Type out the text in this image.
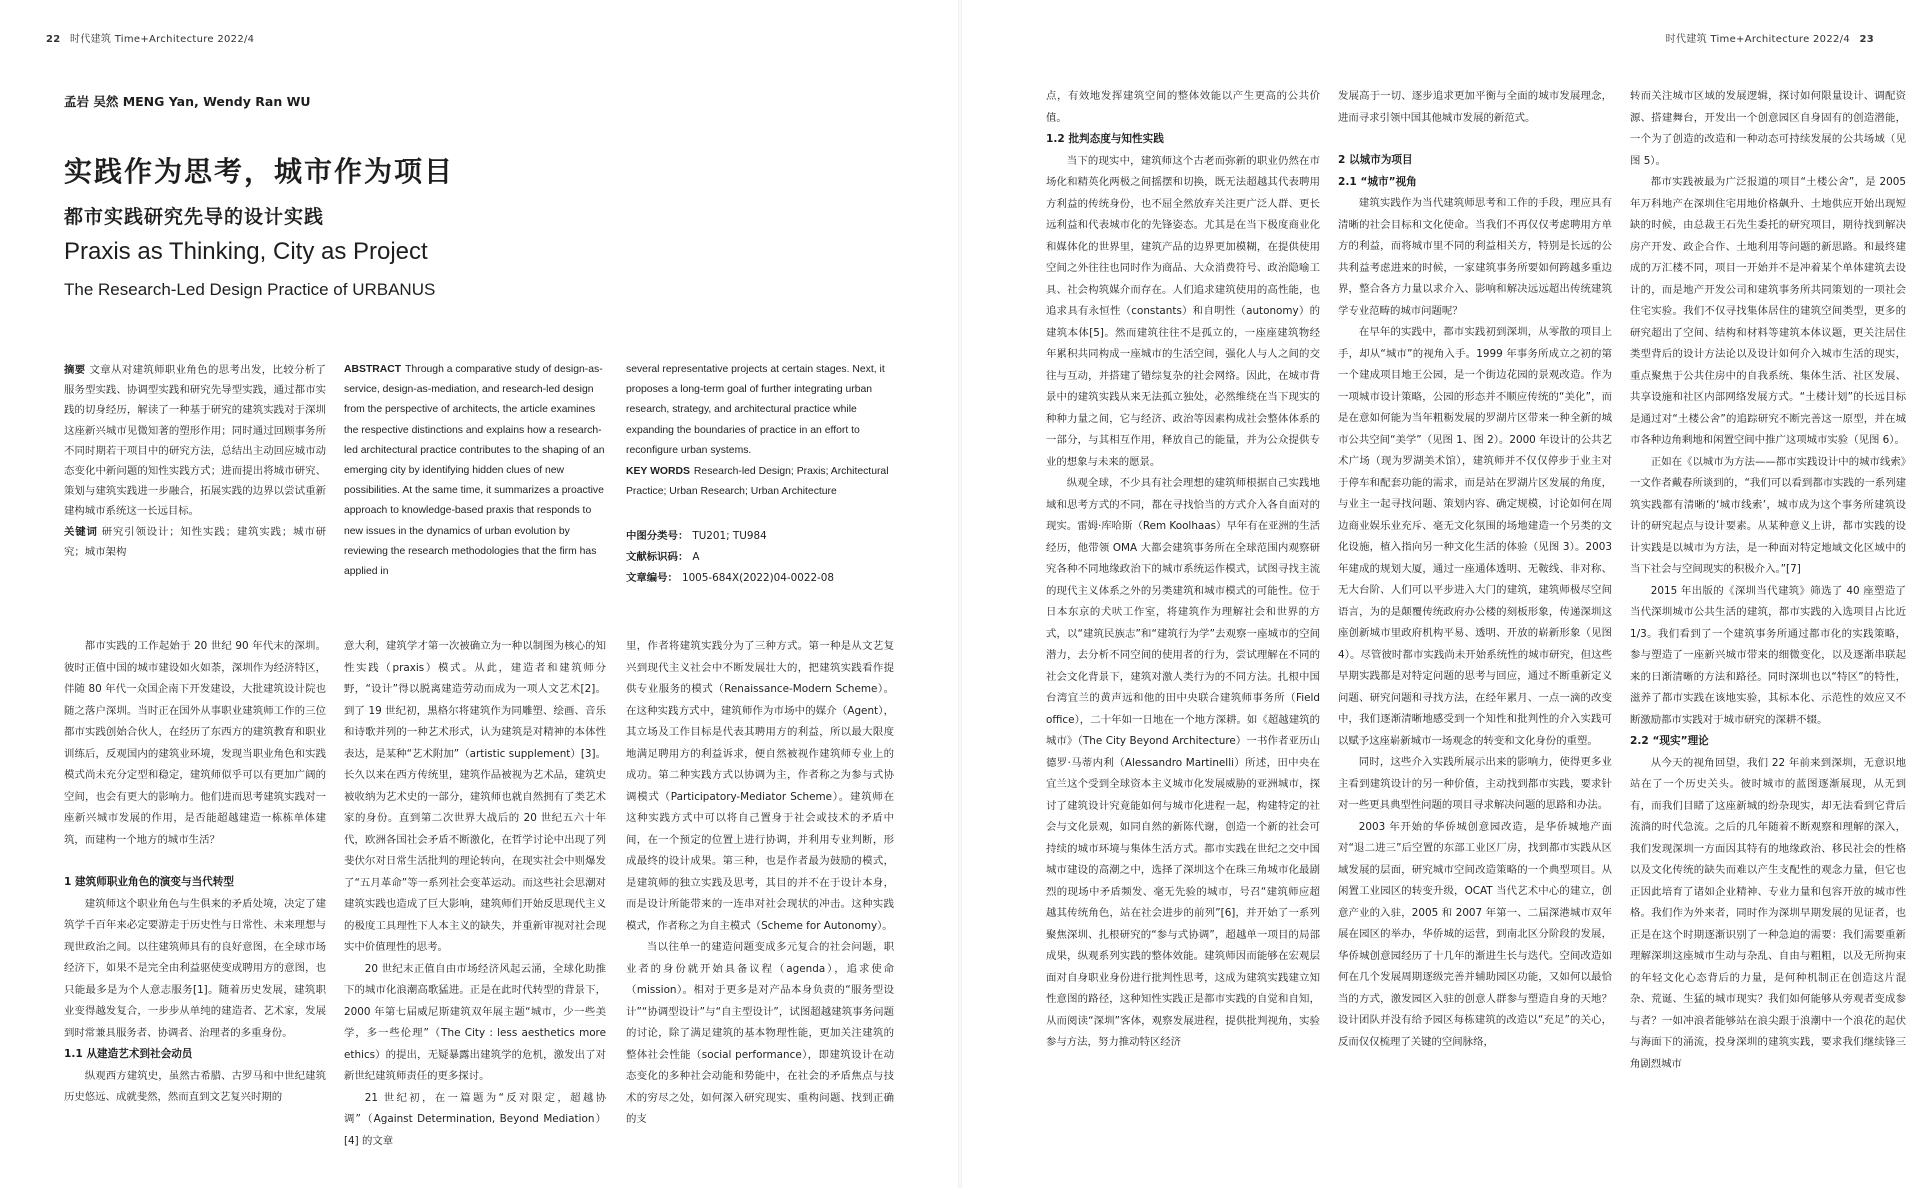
22 时代建筑 Time+Architecture 2022/4
孟岩 吴然 MENG Yan, Wendy Ran WU
实践作为思考，城市作为项目
都市实践研究先导的设计实践
Praxis as Thinking, City as Project
The Research-Led Design Practice of URBANUS

摘要 文章从对建筑师职业角色的思考出发，比较分析了服务型实践、协调型实践和研究先导型实践，通过都市实践的切身经历，解读了一种基于研究的建筑实践对于深圳这座新兴城市见微知著的塑形作用；同时通过回顾事务所不同时期若干项目中的研究方法，总结出主动回应城市动态变化中新问题的知性实践方式；进而提出将城市研究、策划与建筑实践进一步融合，拓展实践的边界以尝试重新建构城市系统这一长远目标。

关键词 研究引领设计；知性实践；建筑实践；城市研究；城市架构

ABSTRACT Through a comparative study of design-as-service, design-as-mediation, and research-led design from the perspective of architects, the article examines the respective distinctions and explains how a research-led architectural practice contributes to the shaping of an emerging city by identifying hidden clues of new possibilities. At the same time, it summarizes a proactive approach to knowledge-based praxis that responds to new issues in the dynamics of urban evolution by reviewing the research methodologies that the firm has applied in
several representative projects at certain stages. Next, it proposes a long-term goal of further integrating urban research, strategy, and architectural practice while expanding the boundaries of practice in an effort to reconfigure urban systems.
KEY WORDS Research-led Design; Praxis; Architectural Practice; Urban Research; Urban Architecture
中图分类号： TU201; TU984
文献标识码： A
文章编号： 1005-684X(2022)04-0022-08

都市实践的工作起始于 20 世纪 90 年代末的深圳。彼时正值中国的城市建设如火如荼，深圳作为经济特区，伴随 80 年代一众国企南下开发建设，大批建筑设计院也随之落户深圳。当时正在国外从事职业建筑师工作的三位都市实践创始合伙人，在经历了东西方的建筑教育和职业训练后，反观国内的建筑业环境，发现当职业角色和实践模式尚未充分定型和稳定，建筑师似乎可以有更加广阔的空间，也会有更大的影响力。他们进而思考建筑实践对一座新兴城市发展的作用，是否能超越建造一栋栋单体建筑，而建构一个地方的城市生活？

1 建筑师职业角色的演变与当代转型

建筑师这个职业角色与生俱来的矛盾处境，决定了建筑学千百年来必定要游走于历史性与日常性、未来理想与现世政治之间。以往建筑师具有的良好意图，在全球市场经济下，如果不是完全由利益驱使变成聘用方的意图，也只能最多是为个人意志服务[1]。随着历史发展，建筑职业变得越发复合，一步步从单纯的建造者、艺术家，发展到时常兼具服务者、协调者、治理者的多重身份。

1.1 从建造艺术到社会动员

纵观西方建筑史，虽然古希腊、古罗马和中世纪建筑历史悠远、成就斐然，然而直到文艺复兴时期的

意大利，建筑学才第一次被确立为一种以制图为核心的知性实践（praxis）模式。从此，建造者和建筑师分野，“设计”得以脱离建造劳动而成为一项人文艺术[2]。到了 19 世纪初，黑格尔将建筑作为同雕塑、绘画、音乐和诗歌并列的一种艺术形式，认为建筑是对精神的本体性表达，是某种“艺术附加”（artistic supplement）[3]。长久以来在西方传统里，建筑作品被视为艺术品，建筑史被收纳为艺术史的一部分，建筑师也就自然拥有了类艺术家的身份。直到第二次世界大战后的 20 世纪五六十年代，欧洲各国社会矛盾不断激化，在哲学讨论中出现了列斐伏尔对日常生活批判的理论转向，在现实社会中则爆发了“五月革命”等一系列社会变革运动。而这些社会思潮对建筑实践也造成了巨大影响，建筑师们开始反思现代主义的极度工具理性下人本主义的缺失，并重新审视对社会现实中价值理性的思考。

20 世纪末正值自由市场经济风起云涌，全球化助推下的城市化浪潮高歌猛进。正是在此时代转型的背景下，2000 年第七届威尼斯建筑双年展主题“城市，少一些美学，多一些伦理”（The City : less aesthetics more ethics）的提出，无疑暴露出建筑学的危机，激发出了对新世纪建筑师责任的更多探讨。

21 世纪初，在一篇题为“反对限定，超越协调”（Against Determination, Beyond Mediation）[4] 的文章

里，作者将建筑实践分为了三种方式。第一种是从文艺复兴到现代主义社会中不断发展壮大的，把建筑实践看作提供专业服务的模式（Renaissance-Modern Scheme）。在这种实践方式中，建筑师作为市场中的媒介（Agent），其立场及工作目标是代表其聘用方的利益，所以最大限度地满足聘用方的利益诉求，便自然被视作建筑师专业上的成功。第二种实践方式以协调为主，作者称之为参与式协调模式（Participatory-Mediator Scheme）。建筑师在这种实践方式中可以将自己置身于社会或技术的矛盾中间，在一个预定的位置上进行协调，并利用专业判断，形成最终的设计成果。第三种，也是作者最为鼓励的模式，是建筑师的独立实践及思考，其目的并不在于设计本身，而是设计所能带来的一连串对社会现状的冲击。这种实践模式，作者称之为自主模式（Scheme for Autonomy）。

当以往单一的建造问题变成多元复合的社会问题，职业者的身份就开始具备议程（agenda），追求使命（mission）。相对于更多是对产品本身负责的“服务型设计”“协调型设计”与“自主型设计”，试图超越建筑事务问题的讨论，除了满足建筑的基本物理性能，更加关注建筑的整体社会性能（social performance），即建筑设计在动态变化的多种社会动能和势能中，在社会的矛盾焦点与技术的穷尽之处，如何深入研究现实、重构问题、找到正确的支

时代建筑 Time+Architecture 2022/4 23

点，有效地发挥建筑空间的整体效能以产生更高的公共价值。

1.2 批判态度与知性实践

当下的现实中，建筑师这个古老而弥新的职业仍然在市场化和精英化两极之间摇摆和切换，既无法超越其代表聘用方利益的传统身份，也不屈全然放弃关注更广泛人群、更长远利益和代表城市化的先锋姿态。尤其是在当下极度商业化和媒体化的世界里，建筑产品的边界更加模糊，在提供使用空间之外往往也同时作为商品、大众消费符号、政治隐喻工具、社会构筑媒介而存在。人们追求建筑使用的高性能，也追求具有永恒性（constants）和自明性（autonomy）的建筑本体[5]。然而建筑往往不是孤立的，一座座建筑物经年累积共同构成一座城市的生活空间，强化人与人之间的交往与互动，并搭建了错综复杂的社会网络。因此，在城市背景中的建筑实践从来无法孤立独处，必然维绕在当下现实的种种力量之间，它与经济、政治等因素构成社会整体体系的一部分，与其相互作用，释放自己的能量，并为公众提供专业的想象与未来的愿景。

纵观全球，不少具有社会理想的建筑师根据自己实践地域和思考方式的不同，都在寻找恰当的方式介入各自面对的现实。雷姆·库哈斯（Rem Koolhaas）早年有在亚洲的生活经历，他带领 OMA 大都会建筑事务所在全球范围内观察研究各种不同地缘政治下的城市系统运作模式，试图寻找主流的现代主义体系之外的另类建筑和城市模式的可能性。位于日本东京的犬吠工作室，将建筑作为理解社会和世界的方式，以“建筑民族志”和“建筑行为学”去观察一座城市的空间潜力，去分析不同空间的使用者的行为，尝试理解在不同的社会文化背景下，建筑对激人类行为的不同方法。扎根中国台湾宜兰的黄声远和他的田中央联合建筑师事务所（Field office），二十年如一日地在一个地方深耕。如《超越建筑的城市》（The City Beyond Architecture）一书作者亚历山德罗·马蒂内利（Alessandro Martinelli）所述，田中央在宜兰这个受到全球资本主义城市化发展威胁的亚洲城市，探讨了建筑设计究竟能如何与城市化进程一起，构建特定的社会与文化景观，如同自然的新陈代谢，创造一个新的社会可持续的城市环境与集体生活方式。都市实践在世纪之交中国城市建设的高潮之中，选择了深圳这个在珠三角城市化最剧烈的现场中矛盾频发、毫无先验的城市，号召“建筑师应超越其传统角色，站在社会进步的前列”[6]，并开始了一系列聚焦深圳、扎根研究的“参与式协调”，超越单一项目的局部成果，纵观系列实践的整体效能。建筑师因而能够在宏观层面对自身职业身份进行批判性思考，这成为建筑实践建立知性意图的路径，这种知性实践正是都市实践的自觉和自知，从而阅读“深圳”客体，观察发展进程，提供批判视角，实验参与方法，努力推动特区经济

发展高于一切、逐步追求更加平衡与全面的城市发展理念，进而寻求引领中国其他城市发展的新范式。

2 以城市为项目
2.1 “城市”视角

建筑实践作为当代建筑师思考和工作的手段，理应具有清晰的社会目标和文化使命。当我们不再仅仅考虑聘用方单方的利益，而将城市里不同的利益相关方，特别是长远的公共利益考虑进来的时候，一家建筑事务所要如何跨越多重边界，整合各方力量以求介入、影响和解决远远超出传统建筑学专业范畴的城市问题呢？

在早年的实践中，都市实践初到深圳，从零散的项目上手，却从“城市”的视角入手。1999 年事务所成立之初的第一个建成项目地王公园，是一个街边花园的景观改造。作为一项城市设计策略，公园的形态并不顺应传统的“美化”，而是在意如何能为当年粗粝发展的罗湖片区带来一种全新的城市公共空间“美学”（见图 1、图 2）。2000 年设计的公共艺术广场（现为罗湖美术馆），建筑师并不仅仅停步于业主对于停车和配套功能的需求，而是站在罗湖片区发展的角度，与业主一起寻找问题、策划内容、确定规模，讨论如何在周边商业娱乐业充斥、毫无文化氛围的场地建造一个另类的文化设施，植入指向另一种文化生活的体验（见图 3）。2003 年建成的规划大厦，通过一座通体透明、无鞍线、非对称、无大台阶、人们可以平步进入大门的建筑，建筑师极尽空间语言，为的是颠覆传统政府办公楼的刻板形象，传递深圳这座创新城市里政府机构平易、透明、开放的崭新形象（见图 4）。尽管彼时都市实践尚未开始系统性的城市研究，但这些早期实践都是对特定问题的思考与回应，通过不断重新定义问题、研究问题和寻找方法，在经年累月、一点一滴的改变中，我们逐渐清晰地感受到一个知性和批判性的介入实践可以赋予这座崭新城市一场观念的转变和文化身份的重塑。

同时，这些介入实践所展示出来的影响力，使得更多业主看到建筑设计的另一种价值，主动找到都市实践，要求针对一些更具典型性问题的项目寻求解决问题的思路和办法。

2003 年开始的华侨城创意园改造，是华侨城地产面对“退二进三”后空置的东部工业区厂房，找到都市实践从区域发展的层面，研究城市空间改造策略的一个典型项目。从闲置工业园区的转变升级，OCAT 当代艺术中心的建立，创意产业的入驻，2005 和 2007 年第一、二届深港城市双年展在园区的举办，华侨城的运营，到南北区分阶段的发展，华侨城创意园经历了十几年的渐进生长与迭代。空间改造如何在几个发展周期逐级完善并辅助园区功能，又如何以最恰当的方式，激发园区入驻的创意人群参与塑造自身的天地？设计团队并没有给予园区每栋建筑的改造以“充足”的关心，反而仅仅梳理了关键的空间脉络，

转而关注城市区域的发展逻辑，探讨如何限量设计、调配资源、搭建舞台，开发出一个创意园区自身固有的创造潜能，一个为了创造的改造和一种动态可持续发展的公共场域（见图 5）。

都市实践被最为广泛报道的项目“土楼公舍”，是 2005 年万科地产在深圳住宅用地价格飙升、土地供应开始出现短缺的时候，由总裁王石先生委托的研究项目，期待找到解决房产开发、政企合作、土地利用等问题的新思路。和最终建成的万汇楼不同，项目一开始并不是冲着某个单体建筑去设计的，而是地产开发公司和建筑事务所共同策划的一项社会住宅实验。我们不仅寻找集体居住的建筑空间类型，更多的研究超出了空间、结构和材料等建筑本体议题，更关注居住类型背后的设计方法论以及设计如何介入城市生活的现实，重点聚焦于公共住房中的自我系统、集体生活、社区发展、共享设施和社区内部网络发展方式。“土楼计划”的长远目标是通过对“土楼公舍”的追踪研究不断完善这一原型，并在城市各种边角剩地和闲置空间中推广这项城市实验（见图 6）。

正如在《以城市为方法——都市实践设计中的城市线索》一文作者戴春所谈到的，“我们可以看到都市实践的一系列建筑实践都有清晰的‘城市线索’，城市成为这个事务所建筑设计的研究起点与设计要素。从某种意义上讲，都市实践的设计实践是以城市为方法，是一种面对特定地域文化区域中的当下社会与空间现实的积极介入。”[7]

2015 年出版的《深圳当代建筑》筛选了 40 座塑造了当代深圳城市公共生活的建筑，都市实践的入选项目占比近 1/3。我们看到了一个建筑事务所通过都市化的实践策略，参与塑造了一座新兴城市带来的细微变化，以及逐渐串联起来的日渐清晰的方法和路径。同时深圳也以“特区”的特性，滋养了都市实践在该地实验，其标本化、示范性的效应又不断激励都市实践对于城市研究的深耕不辍。

2.2 “现实”理论

从今天的视角回望，我们 22 年前来到深圳，无意识地站在了一个历史关头。彼时城市的蓝图逐渐展现，从无到有，而我们目睹了这座新城的纷杂现实，却无法看到它背后流淌的时代急流。之后的几年随着不断观察和理解的深入，我们发现深圳一方面因其特有的地缘政治、移民社会的性格以及文化传统的缺失而难以产生支配性的观念力量，但它也正因此培育了诸如企业精神、专业力量和包容开放的城市性格。我们作为外来者，同时作为深圳早期发展的见证者，也正是在这个时期逐渐识别了一种急迫的需要：我们需要重新理解深圳这座城市生动与杂乱、自由与粗粗，以及无所拘束的年轻文化心态背后的力量，是何种机制正在创造这片混杂、荒诞、生猛的城市现实？我们如何能够从旁观者变成参与者？一如冲浪者能够站在浪尖跟于浪潮中一个浪花的起伏与海面下的涌流，投身深圳的建筑实践，要求我们继续锋三角剧烈城市
